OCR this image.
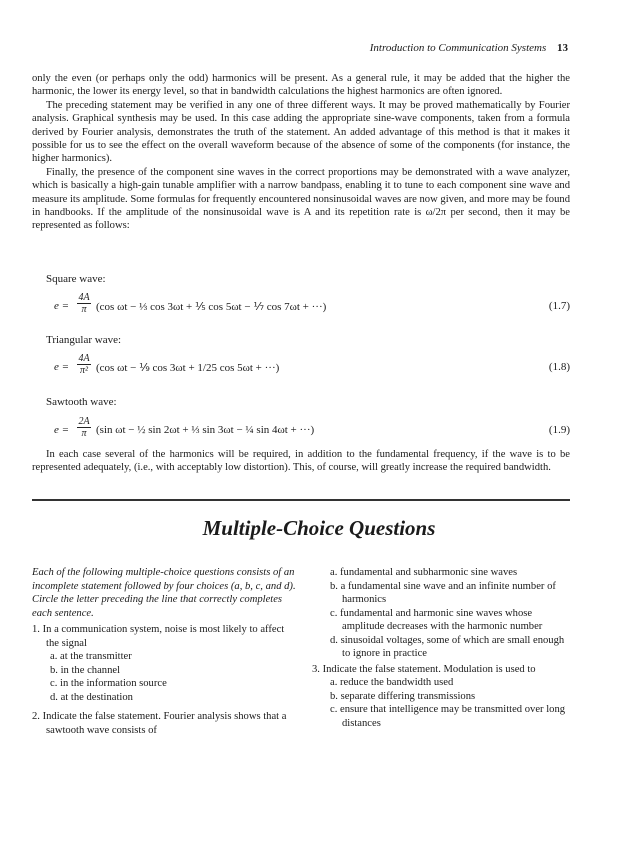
Introduction to Communication Systems 13

only the even (or perhaps only the odd) harmonics will be present. As a general rule, it may be added that the higher the harmonic, the lower its energy level, so that in bandwidth calculations the highest harmonics are often ignored.

The preceding statement may be verified in any one of three different ways. It may be proved mathematically by Fourier analysis. Graphical synthesis may be used. In this case adding the appropriate sine-wave components, taken from a formula derived by Fourier analysis, demonstrates the truth of the statement. An added advantage of this method is that it makes it possible for us to see the effect on the overall waveform because of the absence of some of the components (for instance, the higher harmonics).

Finally, the presence of the component sine waves in the correct proportions may be demonstrated with a wave analyzer, which is basically a high-gain tunable amplifier with a narrow bandpass, enabling it to tune to each component sine wave and measure its amplitude. Some formulas for frequently encountered nonsinusoidal waves are now given, and more may be found in handbooks. If the amplitude of the nonsinusoidal wave is A and its repetition rate is ω/2π per second, then it may be represented as follows:

Square wave:
e =
4A
π (cos ωt − ⅓ cos 3ωt + ⅕ cos 5ωt − ⅐ cos 7ωt + ···)	(1.7)
Triangular wave:
e =
4A
π² (cos ωt − ⅑ cos 3ωt + 1/25 cos 5ωt + ···)	(1.8)
Sawtooth wave:
e =
2A
π (sin ωt − ½ sin 2ωt + ⅓ sin 3ωt − ¼ sin 4ωt + ···)	(1.9)

In each case several of the harmonics will be required, in addition to the fundamental frequency, if the wave is to be represented adequately, (i.e., with acceptably low distortion). This, of course, will greatly increase the required bandwidth.

Multiple-Choice Questions
Each of the following multiple-choice questions consists of an incomplete statement followed by four choices (a, b, c, and d). Circle the letter preceding the line that correctly completes each sentence.
1. In a communication system, noise is most likely to affect the signal
a. at the transmitter
b. in the channel
c. in the information source
d. at the destination
2. Indicate the false statement. Fourier analysis shows that a sawtooth wave consists of
a. fundamental and subharmonic sine waves
b. a fundamental sine wave and an infinite number of harmonics
c. fundamental and harmonic sine waves whose amplitude decreases with the harmonic number
d. sinusoidal voltages, some of which are small enough to ignore in practice
3. Indicate the false statement. Modulation is used to
a. reduce the bandwidth used
b. separate differing transmissions
c. ensure that intelligence may be transmitted over long distances
